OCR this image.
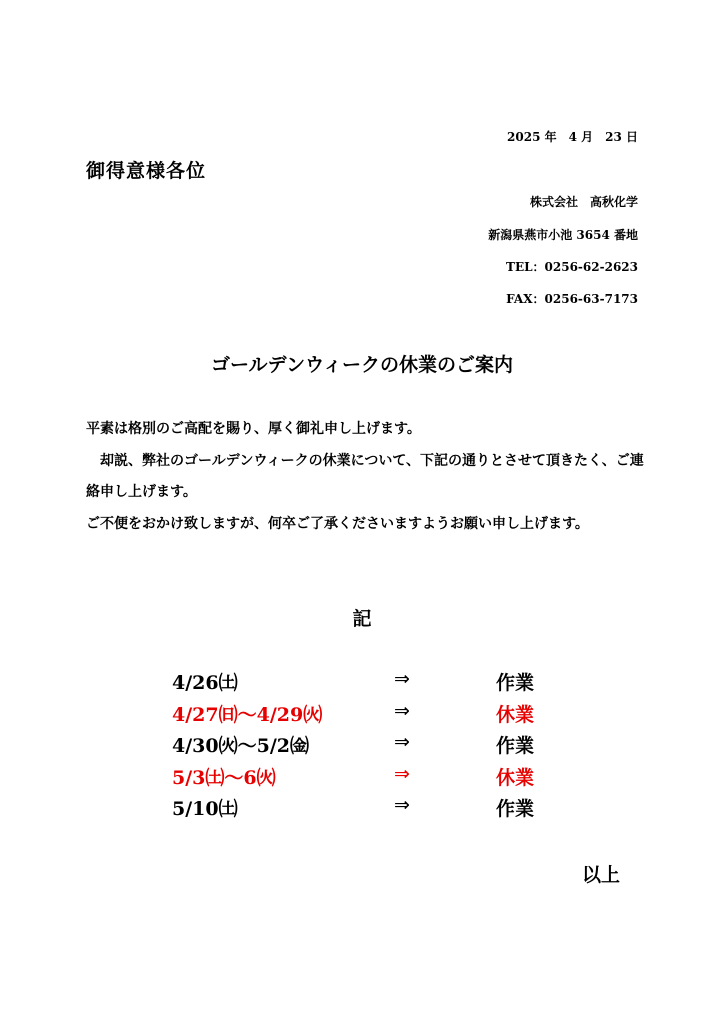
2025 年　4 月　23 日
御得意様各位
株式会社　高秋化学
新潟県燕市小池 3654 番地
TEL：0256-62-2623
FAX：0256-63-7173
ゴールデンウィークの休業のご案内

平素は格別のご高配を賜り、厚く御礼申し上げます。

　却説、弊社のゴールデンウィークの休業について、下記の通りとさせて頂きたく、ご連絡申し上げます。

ご不便をおかけ致しますが、何卒ご了承くださいますようお願い申し上げます。

記
4/26㈯	⇒	作業
4/27㈰～4/29㈫	⇒	休業
4/30㈫～5/2㈮	⇒	作業
5/3㈯～6㈫	⇒	休業
5/10㈯	⇒	作業
以上
